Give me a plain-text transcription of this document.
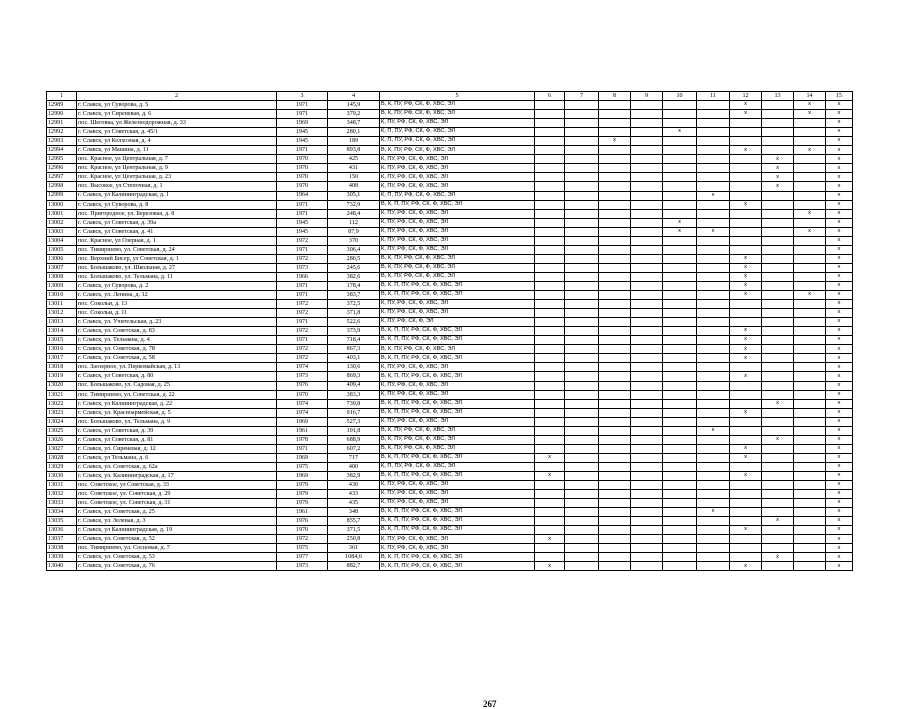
1	2	3	4	5	6	7	8	9	10	11	12	13	14	15
12989	г. Славск, ул Суворова, д. 5	1971	145,9	В, К, ПУ, РФ, СК, Ф, ХВС, ЭЛ							x		x	x
12990	г. Славск, ул Сиреневая, д. 6	1971	379,2	В, К, ПУ, РФ, СК, Ф, ХВС, ЭЛ							x		x	x
12991	пос. Шеговка, ул Железнодорожная, д. 33	1969	348,7	К, ПУ, РФ, СК, Ф, ХВС, ЭЛ										x
12992	г. Славск, ул Советская, д. 45/1	1945	280,1	К, П, ПУ, РФ, СК, Ф, ХВС, ЭЛ					x					x
12993	г. Славск, ул Колхозная, д. 4	1945	189	К, П, ПУ, РФ, СК, Ф, ХВС, ЭЛ			x							x
12994	г. Славск, ул Машина, д. 11	1971	893,8	В, К, ПУ, РФ, СК, Ф, ХВС, ЭЛ							x		x	x
12995	пос. Красное, ул Центральная, д. 7	1970	425	К, ПУ, РФ, СК, Ф, ХВС, ЭЛ								x		x
12996	пос. Красное, ул Центральная, д. 9	1970	431	К, ПУ, РФ, СК, Ф, ХВС, ЭЛ								x		x
12997	пос. Красное, ул Центральная, д. 23	1970	150	К, ПУ, РФ, СК, Ф, ХВС, ЭЛ								x		x
12998	пос. Высокое, ул Степочная, д. 1	1970	408	К, ПУ, РФ, СК, Ф, ХВС, ЭЛ								x		x
12999	г. Славск, ул Калининградская, д. 1	1964	305,1	К, П, ПУ, РФ, СК, Ф, ХВС, ЭЛ						x				x
13000	г. Славск, ул Суворова, д. 8	1971	732,9	В, К, П, ПУ, РФ, СК, Ф, ХВС, ЭЛ							x			x
13001	пос. Пригородное, ул. Березовая, д. 8	1971	248,4	К, ПУ, РФ, СК, Ф, ХВС, ЭЛ									x	x
13002	г. Славск, ул Советская, д. 39а	1945	112	К, ПУ, РФ, СК, Ф, ХВС, ЭЛ					x					x
13003	г. Славск, ул Советская, д. 41	1945	87,9	К, ПУ, РФ, СК, Ф, ХВС, ЭЛ					x	x			x	x
13004	пос. Красное, ул Озерная, д. 1	1972	370	К, ПУ, РФ, СК, Ф, ХВС, ЭЛ										x
13005	пос. Тимирязево, ул. Советская, д. 24	1971	306,4	К, ПУ, РФ, СК, Ф, ХВС, ЭЛ										x
13006	пос. Верхний Бисер, ул Советская, д. 1	1972	286,5	В, К, ПУ, РФ, СК, Ф, ХВС, ЭЛ							x			x
13007	пос. Большаково, ул. Школьная, д. 27	1973	245,6	В, К, ПУ, РФ, СК, Ф, ХВС, ЭЛ							x			x
13008	пос. Большаково, ул. Тельмана, д. 11	1966	382,6	В, К, ПУ, РФ, СК, Ф, ХВС, ЭЛ							x			x
13009	г. Славск, ул Суворова, д. 2	1971	178,4	В, К, П, ПУ, РФ, СК, Ф, ХВС, ЭЛ							x			x
13010	г. Славск, ул. Ленина, д. 12	1971	383,7	В, К, П, ПУ, РФ, СК, Ф, ХВС, ЭЛ							x		x	x
13011	пос. Сокольи, д. 13	1972	372,5	К, ПУ, РФ, СК, Ф, ХВС, ЭЛ										x
13012	пос. Сокольи, д. 11	1972	371,8	К, ПУ, РФ, СК, Ф, ХВС, ЭЛ										x
13013	г. Славск, ул. Учительская, д. 23	1971	522,6	К, ПУ, РФ, СК, Ф, ЭЛ										x
13014	г. Славск, ул. Советская, д. 83	1972	373,9	В, К, П, ПУ, РФ, СК, Ф, ХВС, ЭЛ							x			x
13015	г. Славск, ул. Тельмана, д. 4	1971	718,4	В, К, П, ПУ, РФ, СК, Ф, ХВС, ЭЛ							x			x
13016	г. Славск, ул. Советская, д. 78	1972	867,3	В, К, ПУ, РФ, СК, Ф, ХВС, ЭЛ							x			x
13017	г. Славск, ул. Советская, д. 58	1972	403,1	В, К, П, ПУ, РФ, СК, Ф, ХВС, ЭЛ							x			x
13018	пос. Заозерное, ул. Первомайская, д. 13	1974	130,6	К, ПУ, РФ, СК, Ф, ХВС, ЭЛ										x
13019	г. Славск, ул Советская, д. 80	1973	869,3	В, К, П, ПУ, РФ, СК, Ф, ХВС, ЭЛ							x			x
13020	пос. Большаково, ул. Садовая, д. 25	1976	409,4	К, ПУ, РФ, СК, Ф, ХВС, ЭЛ										x
13021	пос. Тимирязево, ул. Советская, д. 22	1970	383,3	К, ПУ, РФ, СК, Ф, ХВС, ЭЛ										x
13022	г. Славск, ул Калининградская, д. 22	1974	739,8	В, К, П, ПУ, РФ, СК, Ф, ХВС, ЭЛ								x		x
13023	г. Славск, ул. Красноармейская, д. 5	1974	916,7	В, К, П, ПУ, РФ, СК, Ф, ХВС, ЭЛ							x			x
13024	пос. Большаково, ул. Тельмана, д. 9	1969	527,3	К, ПУ, РФ, СК, Ф, ХВС, ЭЛ										x
13025	г. Славск, ул Советская, д. 39	1961	191,8	В, К, ПУ, РФ, СК, Ф, ХВС, ЭЛ						x				x
13026	г. Славск, ул Советская, д. 81	1978	688,9	В, К, ПУ, РФ, СК, Ф, ХВС, ЭЛ								x		x
13027	г. Славск, ул. Сиреневая, д. 12	1971	607,2	В, К, ПУ, РФ, СК, Ф, ХВС, ЭЛ							x			x
13028	г. Славск, ул Тельмана, д. 6	1969	717	В, К, П, ПУ, РФ, СК, Ф, ХВС, ЭЛ	x						x			x
13029	г. Славск, ул. Советская, д. 62а	1975	400	К, П, ПУ, РФ, СК, Ф, ХВС, ЭЛ										x
13030	г. Славск, ул. Калининградская, д. 17	1969	382,9	В, К, П, ПУ, РФ, СК, Ф, ХВС, ЭЛ	x						x			x
13031	пос. Советское, ул Советская, д. 33	1979	430	К, ПУ, РФ, СК, Ф, ХВС, ЭЛ										x
13032	пос. Советское, ул. Советская, д. 29	1979	433	К, ПУ, РФ, СК, Ф, ХВС, ЭЛ										x
13033	пос. Советское, ул. Советская, д. 31	1979	435	К, ПУ, РФ, СК, Ф, ХВС, ЭЛ										x
13034	г. Славск, ул. Советская, д. 25	1961	348	В, К, П, ПУ, РФ, СК, Ф, ХВС, ЭЛ						x				x
13035	г. Славск, ул. Зеленая, д. 3	1976	855,7	В, К, П, ПУ, РФ, СК, Ф, ХВС, ЭЛ								x		x
13036	г. Славск, ул Калининградская, д. 19	1970	371,5	В, К, П, ПУ, РФ, СК, Ф, ХВС, ЭЛ							x			x
13037	г. Славск, ул. Советская, д. 52	1972	250,8	К, ПУ, РФ, СК, Ф, ХВС, ЭЛ	x									x
13038	пос. Тимирязево, ул. Сосновая, д. 7	1975	361	К, ПУ, РФ, СК, Ф, ХВС, ЭЛ										x
13039	г. Славск, ул. Советская, д. 53	1977	1084,6	В, К, П, ПУ, РФ, СК, Ф, ХВС, ЭЛ								x		x
13040	г. Славск, ул. Советская, д. 76	1973	882,7	В, К, П, ПУ, РФ, СК, Ф, ХВС, ЭЛ	x						x			x
267
